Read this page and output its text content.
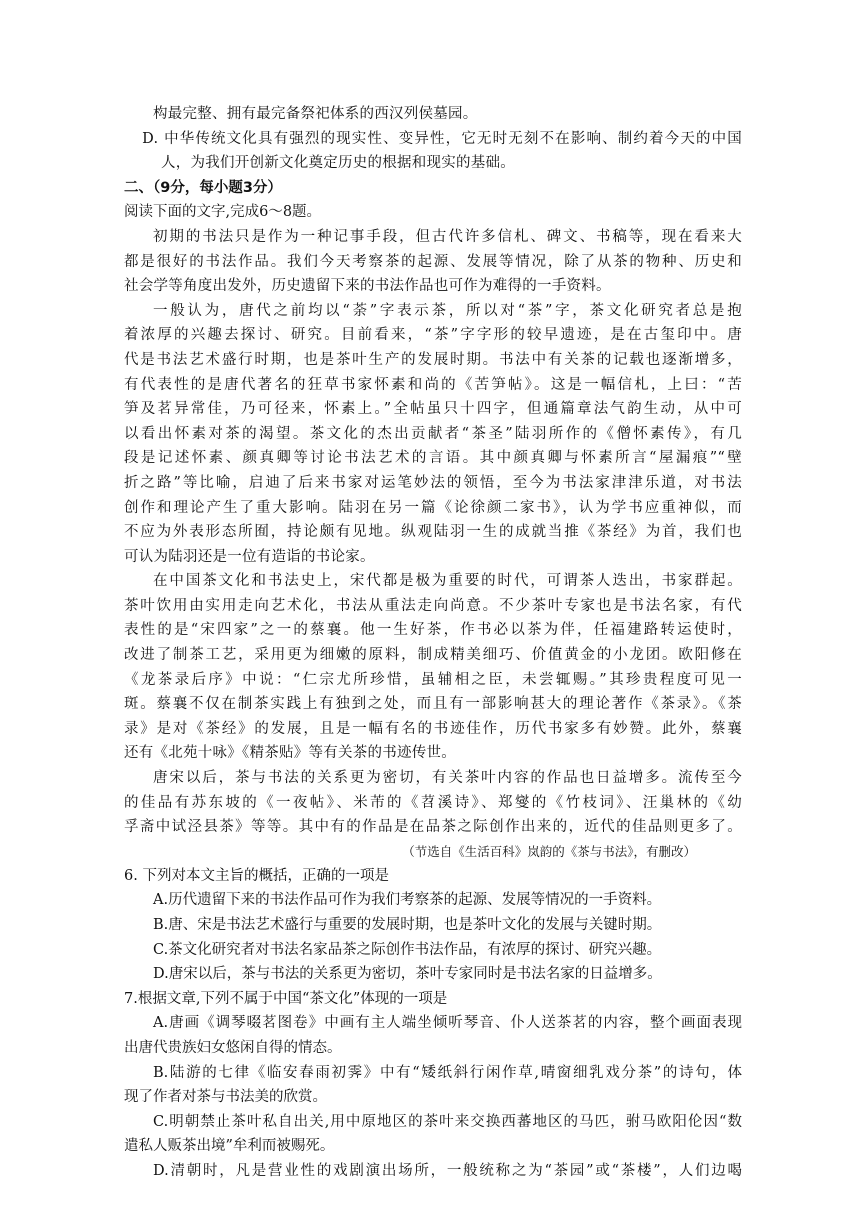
构最完整、拥有最完备祭祀体系的西汉列侯墓园。
D. 中华传统文化具有强烈的现实性、变异性，它无时无刻不在影响、制约着今天的中国
人，为我们开创新文化奠定历史的根据和现实的基础。
二、（9分，每小题3分）
阅读下面的文字,完成6～8题。
初期的书法只是作为一种记事手段，但古代许多信札、碑文、书稿等，现在看来大
都是很好的书法作品。我们今天考察茶的起源、发展等情况，除了从茶的物种、历史和
社会学等角度出发外，历史遗留下来的书法作品也可作为难得的一手资料。
一般认为，唐代之前均以“荼”字表示茶，所以对“茶”字，茶文化研究者总是抱
着浓厚的兴趣去探讨、研究。目前看来，“茶”字字形的较早遗迹，是在古玺印中。唐
代是书法艺术盛行时期，也是茶叶生产的发展时期。书法中有关茶的记载也逐渐增多，
有代表性的是唐代著名的狂草书家怀素和尚的《苦笋帖》。这是一幅信札，上曰：“苦
笋及茗异常佳，乃可径来，怀素上。”全帖虽只十四字，但通篇章法气韵生动，从中可
以看出怀素对茶的渴望。茶文化的杰出贡献者“茶圣”陆羽所作的《僧怀素传》，有几
段是记述怀素、颜真卿等讨论书法艺术的言语。其中颜真卿与怀素所言“屋漏痕”“壁
折之路”等比喻，启迪了后来书家对运笔妙法的领悟，至今为书法家津津乐道，对书法
创作和理论产生了重大影响。陆羽在另一篇《论徐颜二家书》，认为学书应重神似，而
不应为外表形态所囿，持论颇有见地。纵观陆羽一生的成就当推《茶经》为首，我们也
可认为陆羽还是一位有造诣的书论家。
在中国茶文化和书法史上，宋代都是极为重要的时代，可谓茶人迭出，书家群起。
茶叶饮用由实用走向艺术化，书法从重法走向尚意。不少茶叶专家也是书法名家，有代
表性的是“宋四家”之一的蔡襄。他一生好茶，作书必以茶为伴，任福建路转运使时，
改进了制茶工艺，采用更为细嫩的原料，制成精美细巧、价值黄金的小龙团。欧阳修在
《龙茶录后序》中说：“仁宗尤所珍惜，虽辅相之臣，未尝辄赐。”其珍贵程度可见一
斑。蔡襄不仅在制茶实践上有独到之处，而且有一部影响甚大的理论著作《茶录》。《茶
录》是对《茶经》的发展，且是一幅有名的书迹佳作，历代书家多有妙赞。此外，蔡襄
还有《北苑十咏》《精茶贴》等有关茶的书迹传世。
唐宋以后，茶与书法的关系更为密切，有关茶叶内容的作品也日益增多。流传至今
的佳品有苏东坡的《一夜帖》、米芾的《苕溪诗》、郑燮的《竹枝词》、汪巢林的《幼
孚斋中试泾县茶》等等。其中有的作品是在品茶之际创作出来的，近代的佳品则更多了。
（节选自《生活百科》岚韵的《茶与书法》，有删改）
6. 下列对本文主旨的概括，正确的一项是
A.历代遗留下来的书法作品可作为我们考察茶的起源、发展等情况的一手资料。
B.唐、宋是书法艺术盛行与重要的发展时期，也是茶叶文化的发展与关键时期。
C.茶文化研究者对书法名家品茶之际创作书法作品，有浓厚的探讨、研究兴趣。
D.唐宋以后，茶与书法的关系更为密切，茶叶专家同时是书法名家的日益增多。
7.根据文章,下列不属于中国“茶文化”体现的一项是
A.唐画《调琴啜茗图卷》中画有主人端坐倾听琴音、仆人送茶茗的内容，整个画面表现
出唐代贵族妇女悠闲自得的情态。
B.陆游的七律《临安春雨初霁》中有“矮纸斜行闲作草,晴窗细乳戏分茶”的诗句，体
现了作者对茶与书法美的欣赏。
C.明朝禁止茶叶私自出关,用中原地区的茶叶来交换西蕃地区的马匹，驸马欧阳伦因“数
遣私人贩茶出境”牟利而被赐死。
D.清朝时，凡是营业性的戏剧演出场所，一般统称之为“茶园”或“茶楼”，人们边喝
